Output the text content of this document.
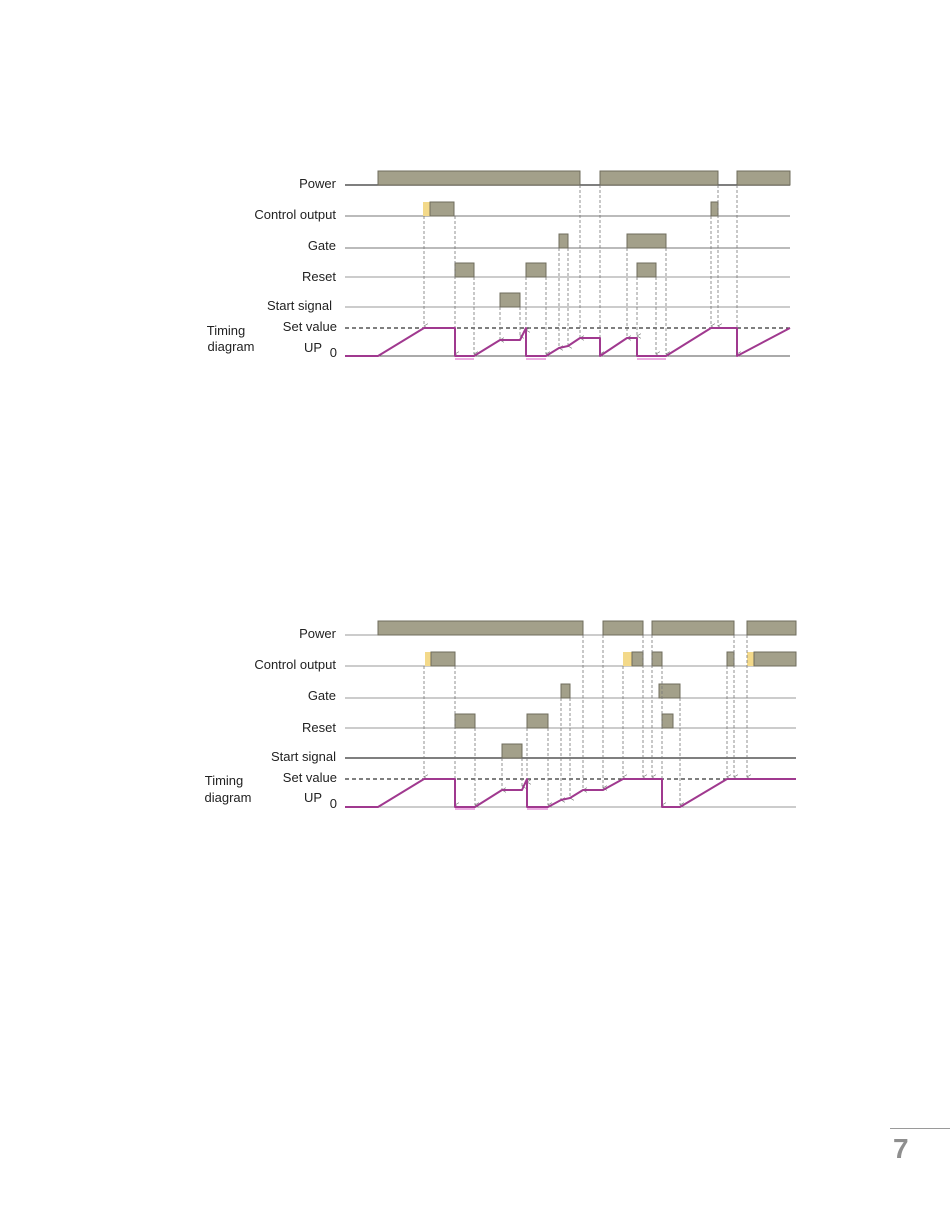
Power
Control output
Gate
Reset
Start signal
Set value
UP 0
Timing
diagram
Power
Control output
Gate
Reset
Start signal
Set value
UP 0
Timing
diagram
7
